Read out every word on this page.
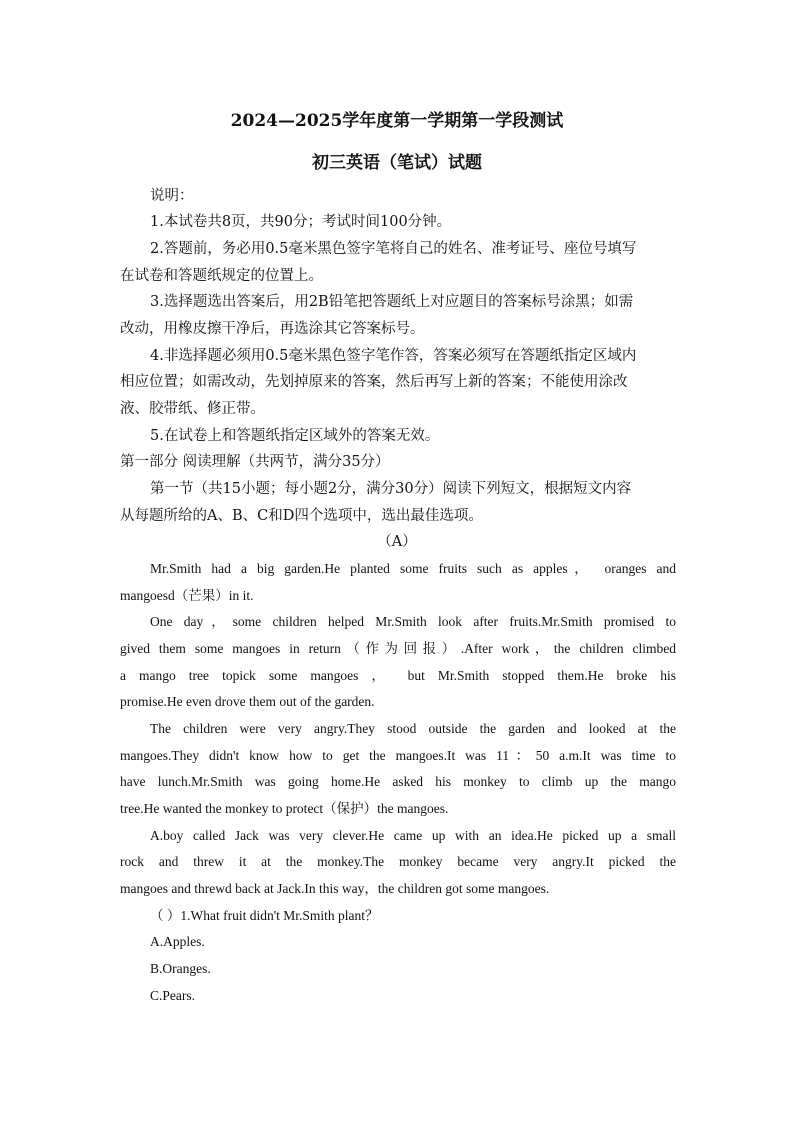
2024—2025学年度第一学期第一学段测试
初三英语（笔试）试题
说明：
1.本试卷共8页，共90分；考试时间100分钟。
2.答题前，务必用0.5毫米黑色签字笔将自己的姓名、准考证号、座位号填写
在试卷和答题纸规定的位置上。
3.选择题选出答案后，用2B铅笔把答题纸上对应题目的答案标号涂黑；如需
改动，用橡皮擦干净后，再选涂其它答案标号。
4.非选择题必须用0.5毫米黑色签字笔作答，答案必须写在答题纸指定区域内
相应位置；如需改动，先划掉原来的答案，然后再写上新的答案；不能使用涂改
液、胶带纸、修正带。
5.在试卷上和答题纸指定区域外的答案无效。
第一部分 阅读理解（共两节，满分35分）
第一节（共15小题；每小题2分，满分30分）阅读下列短文，根据短文内容
从每题所给的A、B、C和D四个选项中，选出最佳选项。
（A）
Mr.Smith had a big garden.He planted some fruits such as apples， oranges and
mangoesd（芒果）in it.
One day，some children helped Mr.Smith look after fruits.Mr.Smith promised to
gived them some mangoes in return（作为回报）.After work，the children climbed
a mango tree topick some mangoes ， but Mr.Smith stopped them.He broke his
promise.He even drove them out of the garden.
The children were very angry.They stood outside the garden and looked at the
mangoes.They didn't know how to get the mangoes.It was 11：50 a.m.It was time to
have lunch.Mr.Smith was going home.He asked his monkey to climb up the mango
tree.He wanted the monkey to protect（保护）the mangoes.
A.boy called Jack was very clever.He came up with an idea.He picked up a small
rock and threw it at the monkey.The monkey became very angry.It picked the
mangoes and threwd back at Jack.In this way，the children got some mangoes.
（ ）1.What fruit didn't Mr.Smith plant？
A.Apples.
B.Oranges.
C.Pears.
